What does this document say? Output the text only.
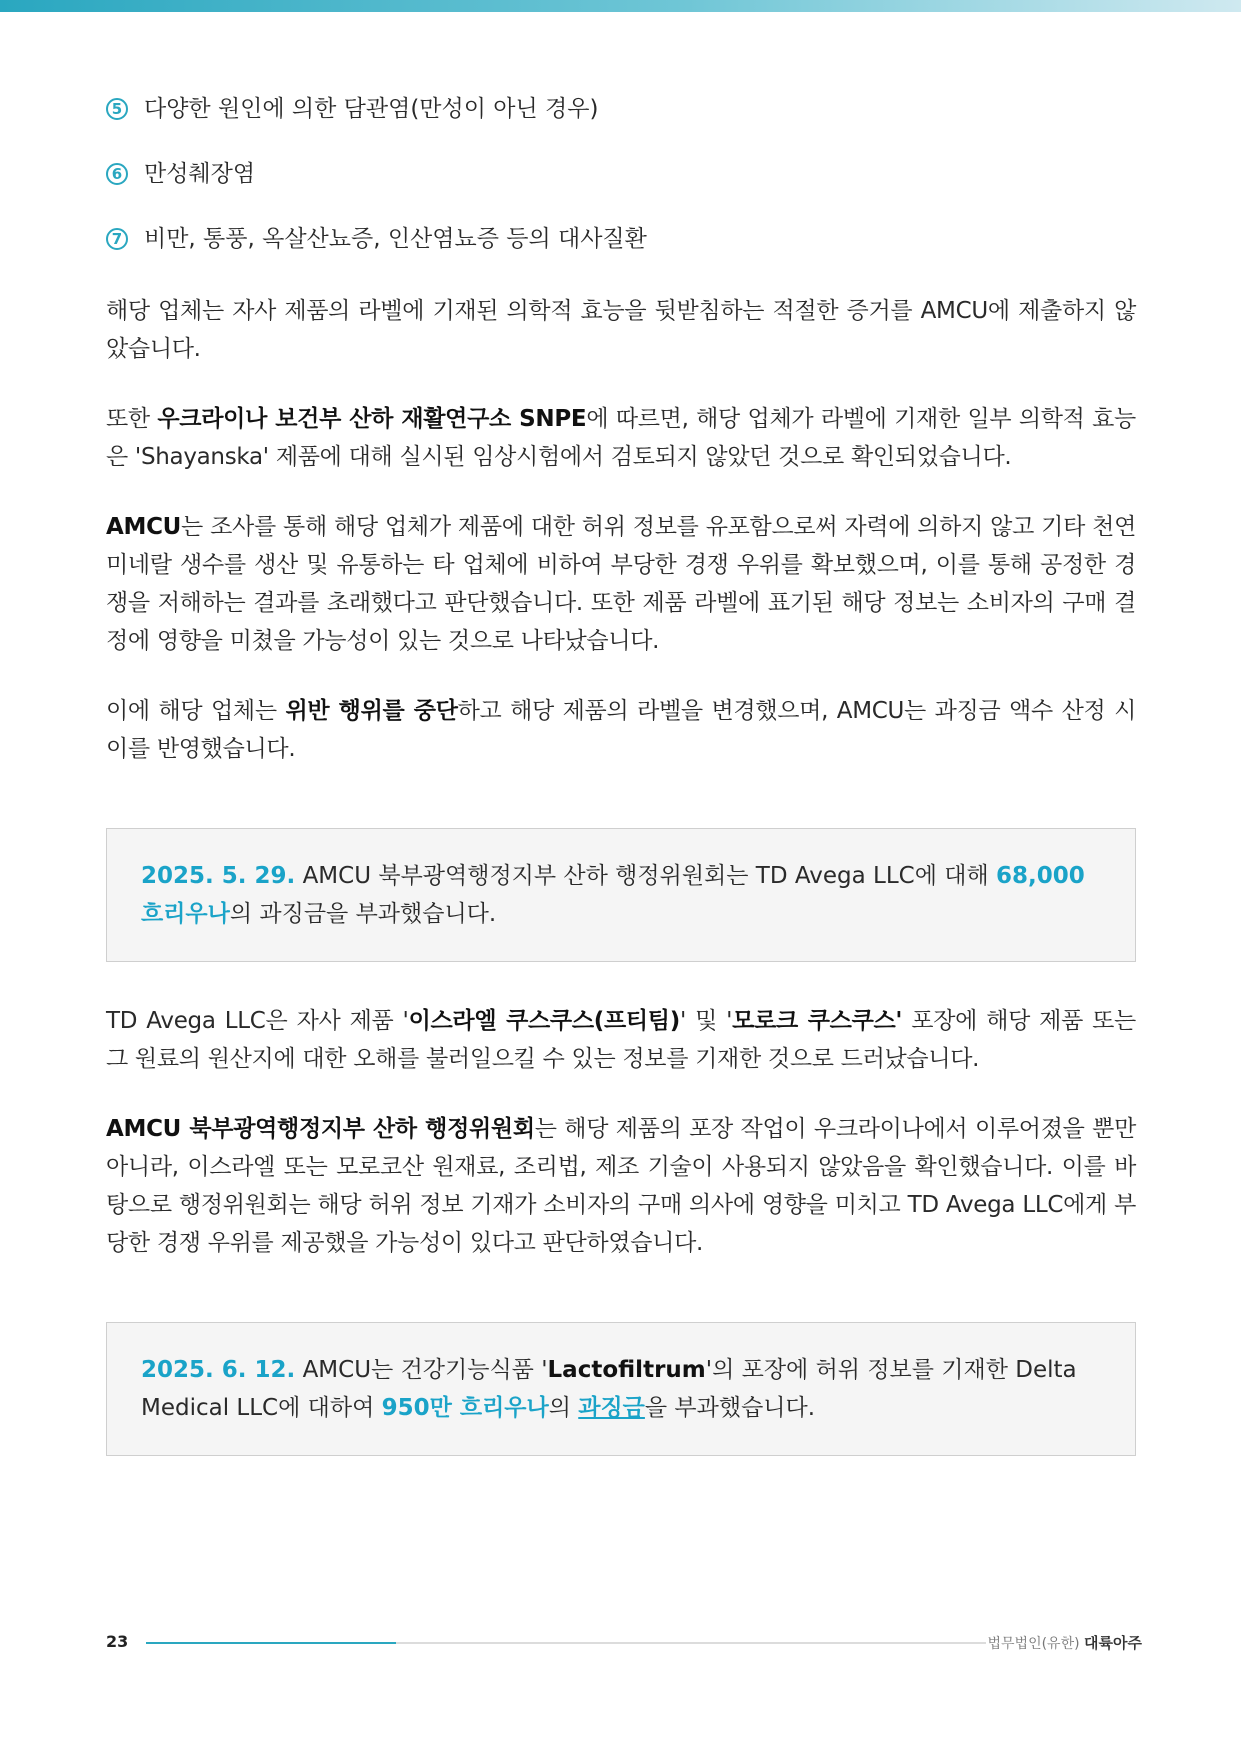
5 다양한 원인에 의한 담관염(만성이 아닌 경우)
6 만성췌장염
7 비만, 통풍, 옥살산뇨증, 인산염뇨증 등의 대사질환

해당 업체는 자사 제품의 라벨에 기재된 의학적 효능을 뒷받침하는 적절한 증거를 AMCU에 제출하지 않았습니다.

또한 우크라이나 보건부 산하 재활연구소 SNPE에 따르면, 해당 업체가 라벨에 기재한 일부 의학적 효능은 'Shayanska' 제품에 대해 실시된 임상시험에서 검토되지 않았던 것으로 확인되었습니다.

AMCU는 조사를 통해 해당 업체가 제품에 대한 허위 정보를 유포함으로써 자력에 의하지 않고 기타 천연 미네랄 생수를 생산 및 유통하는 타 업체에 비하여 부당한 경쟁 우위를 확보했으며, 이를 통해 공정한 경쟁을 저해하는 결과를 초래했다고 판단했습니다. 또한 제품 라벨에 표기된 해당 정보는 소비자의 구매 결정에 영향을 미쳤을 가능성이 있는 것으로 나타났습니다.

이에 해당 업체는 위반 행위를 중단하고 해당 제품의 라벨을 변경했으며, AMCU는 과징금 액수 산정 시 이를 반영했습니다.

2025. 5. 29. AMCU 북부광역행정지부 산하 행정위원회는 TD Avega LLC에 대해 68,000 흐리우나의 과징금을 부과했습니다.

TD Avega LLC은 자사 제품 '이스라엘 쿠스쿠스(프티팀)' 및 '모로크 쿠스쿠스' 포장에 해당 제품 또는 그 원료의 원산지에 대한 오해를 불러일으킬 수 있는 정보를 기재한 것으로 드러났습니다.

AMCU 북부광역행정지부 산하 행정위원회는 해당 제품의 포장 작업이 우크라이나에서 이루어졌을 뿐만 아니라, 이스라엘 또는 모로코산 원재료, 조리법, 제조 기술이 사용되지 않았음을 확인했습니다. 이를 바탕으로 행정위원회는 해당 허위 정보 기재가 소비자의 구매 의사에 영향을 미치고 TD Avega LLC에게 부당한 경쟁 우위를 제공했을 가능성이 있다고 판단하였습니다.

2025. 6. 12. AMCU는 건강기능식품 'Lactofiltrum'의 포장에 허위 정보를 기재한 Delta Medical LLC에 대하여 950만 흐리우나의 과징금을 부과했습니다.
23	법무법인(유한) 대륙아주
